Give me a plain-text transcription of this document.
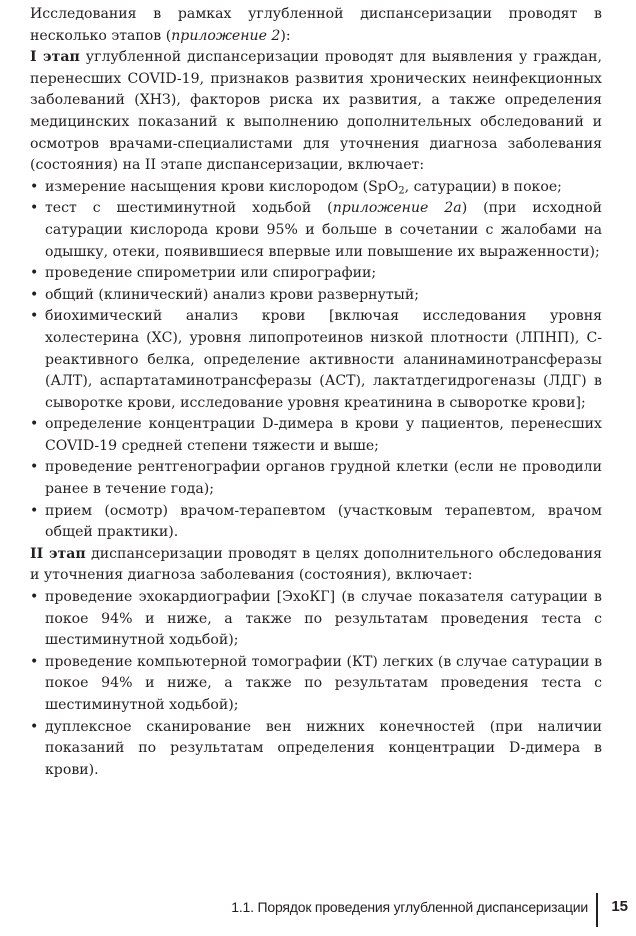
Исследования в рамках углубленной диспансеризации проводят в несколько этапов (приложение 2):

I этап углубленной диспансеризации проводят для выявления у граждан, перенесших COVID-19, признаков развития хронических неинфекционных заболеваний (ХНЗ), факторов риска их развития, а также определения медицинских показаний к выполнению дополнительных обследований и осмотров врачами-специалистами для уточнения диагноза заболевания (состояния) на II этапе диспансеризации, включает:

• измерение насыщения крови кислородом (SpO$_2$, сатурации) в покое;
• тест с шестиминутной ходьбой (приложение 2а) (при исходной сатурации кислорода крови 95% и больше в сочетании с жалобами на одышку, отеки, появившиеся впервые или повышение их выраженности);
• проведение спирометрии или спирографии;
• общий (клинический) анализ крови развернутый;
• биохимический анализ крови [включая исследования уровня холестерина (ХС), уровня липопротеинов низкой плотности (ЛПНП), С-реактивного белка, определение активности аланинаминотрансферазы (АЛТ), аспартатаминотрансферазы (АСТ), лактатдегидрогеназы (ЛДГ) в сыворотке крови, исследование уровня креатинина в сыворотке крови];
• определение концентрации D-димера в крови у пациентов, перенесших COVID-19 средней степени тяжести и выше;
• проведение рентгенографии органов грудной клетки (если не проводили ранее в течение года);
• прием (осмотр) врачом-терапевтом (участковым терапевтом, врачом общей практики).

II этап диспансеризации проводят в целях дополнительного обследования и уточнения диагноза заболевания (состояния), включает:

• проведение эхокардиографии [ЭхоКГ] (в случае показателя сатурации в покое 94% и ниже, а также по результатам проведения теста с шестиминутной ходьбой);
• проведение компьютерной томографии (КТ) легких (в случае сатурации в покое 94% и ниже, а также по результатам проведения теста с шестиминутной ходьбой);
• дуплексное сканирование вен нижних конечностей (при наличии показаний по результатам определения концентрации D-димера в крови).
1.1. Порядок проведения углубленной диспансеризации 15
